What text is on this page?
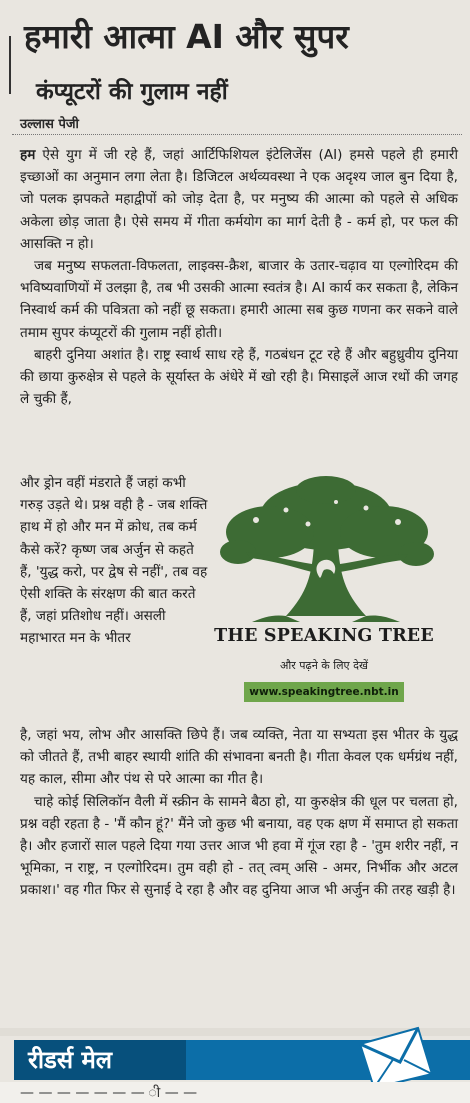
हमारी आत्मा AI और सुपर
कंप्यूटरों की गुलाम नहीं
उल्लास पेजी

हम ऐसे युग में जी रहे हैं, जहां आर्टिफिशियल इंटेलिजेंस (AI) हमसे पहले ही हमारी इच्छाओं का अनुमान लगा लेता है। डिजिटल अर्थव्यवस्था ने एक अदृश्य जाल बुन दिया है, जो पलक झपकते महाद्वीपों को जोड़ देता है, पर मनुष्य की आत्मा को पहले से अधिक अकेला छोड़ जाता है। ऐसे समय में गीता कर्मयोग का मार्ग देती है - कर्म हो, पर फल की आसक्ति न हो।

जब मनुष्य सफलता-विफलता, लाइक्स-क्रैश, बाजार के उतार-चढ़ाव या एल्गोरिदम की भविष्यवाणियों में उलझा है, तब भी उसकी आत्मा स्वतंत्र है। AI कार्य कर सकता है, लेकिन निस्वार्थ कर्म की पवित्रता को नहीं छू सकता। हमारी आत्मा सब कुछ गणना कर सकने वाले तमाम सुपर कंप्यूटरों की गुलाम नहीं होती।

बाहरी दुनिया अशांत है। राष्ट्र स्वार्थ साध रहे हैं, गठबंधन टूट रहे हैं और बहुध्रुवीय दुनिया की छाया कुरुक्षेत्र से पहले के सूर्यास्त के अंधेरे में खो रही है। मिसाइलें आज रथों की जगह ले चुकी हैं,

और ड्रोन वहीं मंडराते हैं जहां कभी गरुड़ उड़ते थे। प्रश्न वही है - जब शक्ति हाथ में हो और मन में क्रोध, तब कर्म कैसे करें? कृष्ण जब अर्जुन से कहते हैं, 'युद्ध करो, पर द्वेष से नहीं', तब वह ऐसी शक्ति के संरक्षण की बात करते हैं, जहां प्रतिशोध नहीं। असली महाभारत मन के भीतर	THE SPEAKING TREE
और पढ़ने के लिए देखें
www.speakingtree.nbt.in

है, जहां भय, लोभ और आसक्ति छिपे हैं। जब व्यक्ति, नेता या सभ्यता इस भीतर के युद्ध को जीतते हैं, तभी बाहर स्थायी शांति की संभावना बनती है। गीता केवल एक धर्मग्रंथ नहीं, यह काल, सीमा और पंथ से परे आत्मा का गीत है।

चाहे कोई सिलिकॉन वैली में स्क्रीन के सामने बैठा हो, या कुरुक्षेत्र की धूल पर चलता हो, प्रश्न वही रहता है - 'मैं कौन हूं?' मैंने जो कुछ भी बनाया, वह एक क्षण में समाप्त हो सकता है। और हजारों साल पहले दिया गया उत्तर आज भी हवा में गूंज रहा है - 'तुम शरीर नहीं, न भूमिका, न राष्ट्र, न एल्गोरिदम। तुम वही हो - तत् त्वम् असि - अमर, निर्भीक और अटल प्रकाश।' वह गीत फिर से सुनाई दे रहा है और वह दुनिया आज भी अर्जुन की तरह खड़ी है।

रीडर्स मेल
— — — — — — — ी — —
